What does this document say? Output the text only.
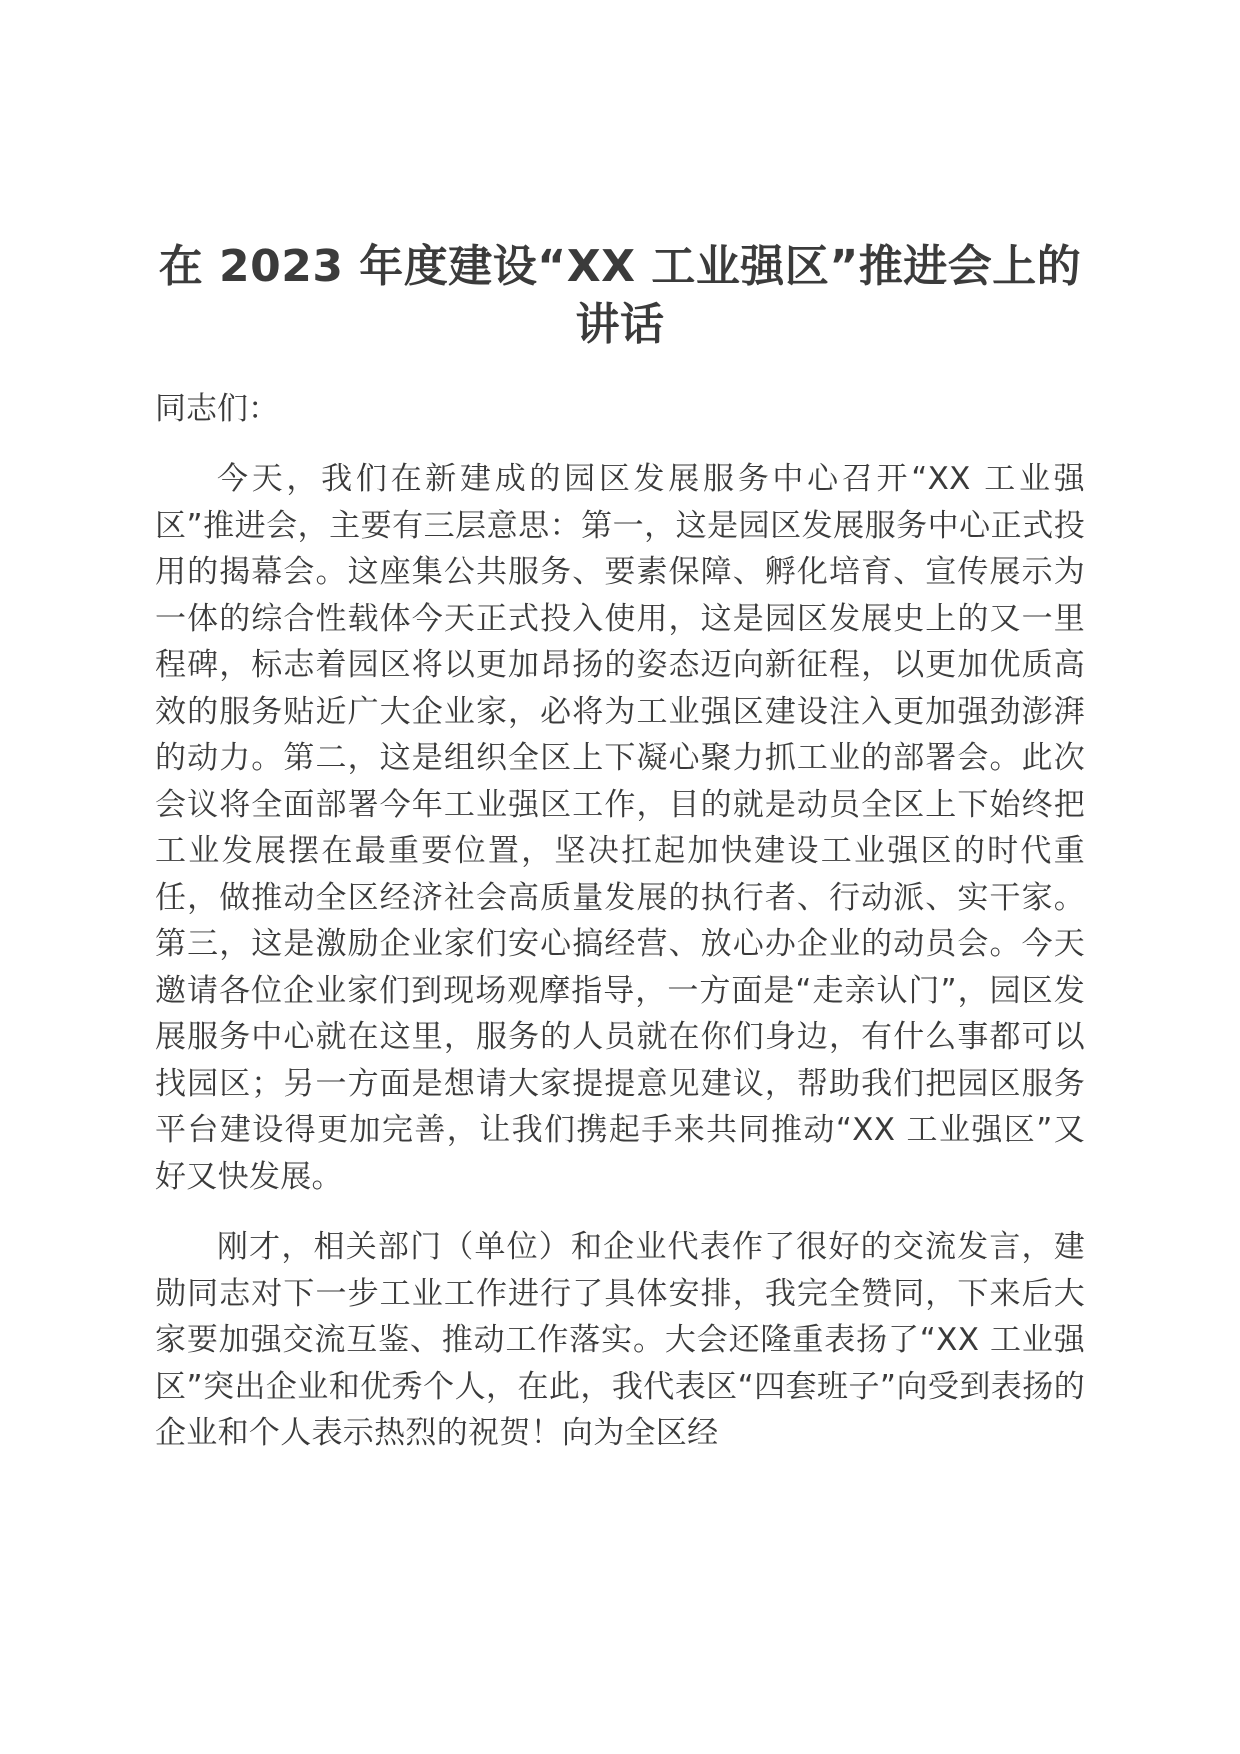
在 2023 年度建设“XX 工业强区”推进会上的讲话

同志们：

今天，我们在新建成的园区发展服务中心召开“XX 工业强区”推进会，主要有三层意思：第一，这是园区发展服务中心正式投用的揭幕会。这座集公共服务、要素保障、孵化培育、宣传展示为一体的综合性载体今天正式投入使用，这是园区发展史上的又一里程碑，标志着园区将以更加昂扬的姿态迈向新征程，以更加优质高效的服务贴近广大企业家，必将为工业强区建设注入更加强劲澎湃的动力。第二，这是组织全区上下凝心聚力抓工业的部署会。此次会议将全面部署今年工业强区工作，目的就是动员全区上下始终把工业发展摆在最重要位置，坚决扛起加快建设工业强区的时代重任，做推动全区经济社会高质量发展的执行者、行动派、实干家。第三，这是激励企业家们安心搞经营、放心办企业的动员会。今天邀请各位企业家们到现场观摩指导，一方面是“走亲认门”，园区发展服务中心就在这里，服务的人员就在你们身边，有什么事都可以找园区；另一方面是想请大家提提意见建议，帮助我们把园区服务平台建设得更加完善，让我们携起手来共同推动“XX 工业强区”又好又快发展。

刚才，相关部门（单位）和企业代表作了很好的交流发言，建勋同志对下一步工业工作进行了具体安排，我完全赞同，下来后大家要加强交流互鉴、推动工作落实。大会还隆重表扬了“XX 工业强区”突出企业和优秀个人，在此，我代表区“四套班子”向受到表扬的企业和个人表示热烈的祝贺！向为全区经
